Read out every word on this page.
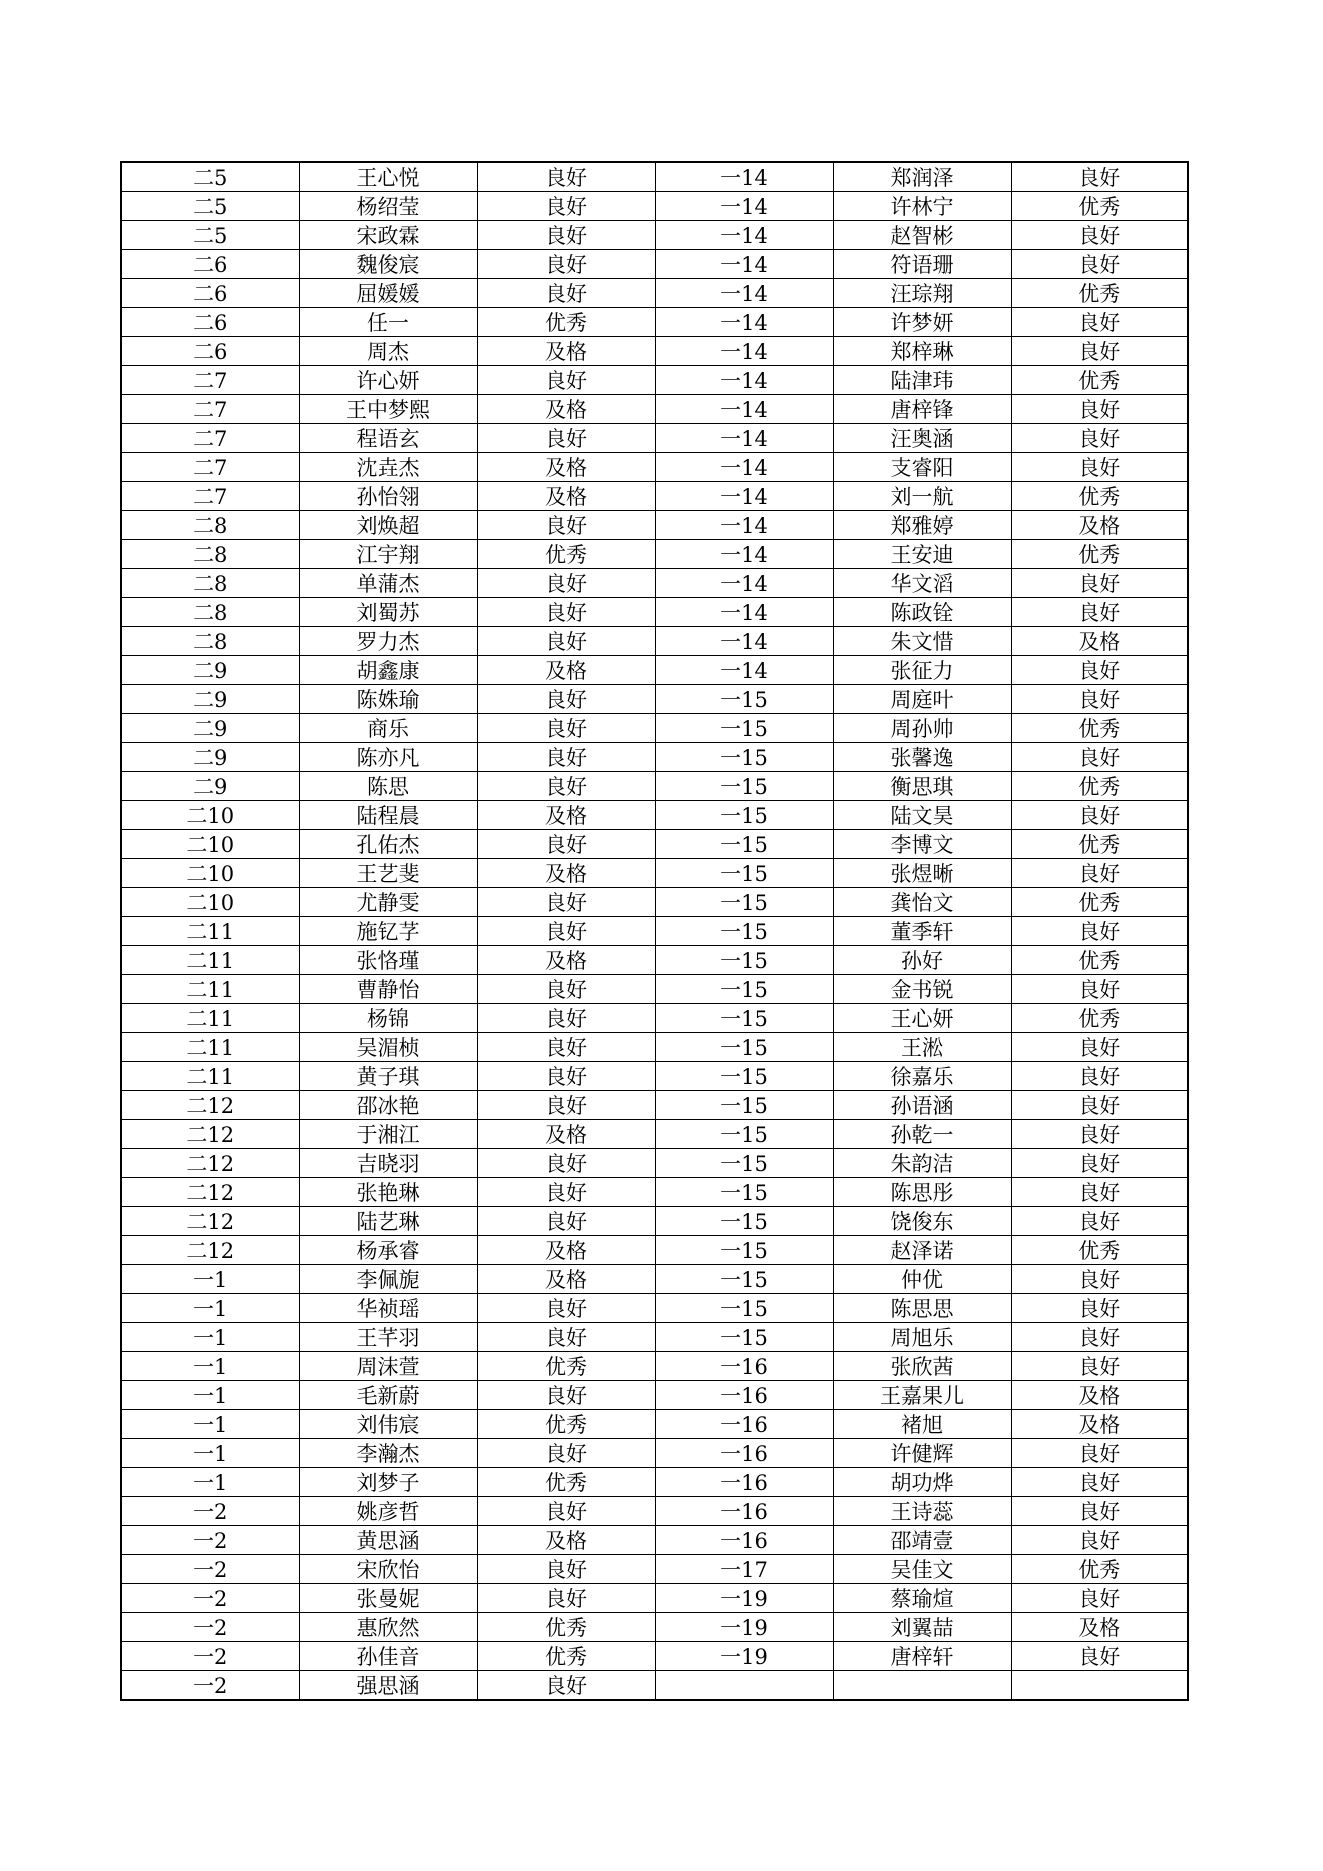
二5	王心悦	良好	一14	郑润泽	良好
二5	杨绍莹	良好	一14	许林宁	优秀
二5	宋政霖	良好	一14	赵智彬	良好
二6	魏俊宸	良好	一14	符语珊	良好
二6	屈媛媛	良好	一14	汪琮翔	优秀
二6	任一	优秀	一14	许梦妍	良好
二6	周杰	及格	一14	郑梓琳	良好
二7	许心妍	良好	一14	陆津玮	优秀
二7	王中梦熙	及格	一14	唐梓锋	良好
二7	程语玄	良好	一14	汪奥涵	良好
二7	沈垚杰	及格	一14	支睿阳	良好
二7	孙怡翎	及格	一14	刘一航	优秀
二8	刘焕超	良好	一14	郑雅婷	及格
二8	江宇翔	优秀	一14	王安迪	优秀
二8	单蒲杰	良好	一14	华文滔	良好
二8	刘蜀苏	良好	一14	陈政铨	良好
二8	罗力杰	良好	一14	朱文惜	及格
二9	胡鑫康	及格	一14	张征力	良好
二9	陈姝瑜	良好	一15	周庭叶	良好
二9	商乐	良好	一15	周孙帅	优秀
二9	陈亦凡	良好	一15	张馨逸	良好
二9	陈思	良好	一15	衡思琪	优秀
二10	陆程晨	及格	一15	陆文昊	良好
二10	孔佑杰	良好	一15	李博文	优秀
二10	王艺斐	及格	一15	张煜晰	良好
二10	尤静雯	良好	一15	龚怡文	优秀
二11	施钇芓	良好	一15	董季轩	良好
二11	张恪瑾	及格	一15	孙好	优秀
二11	曹静怡	良好	一15	金书锐	良好
二11	杨锦	良好	一15	王心妍	优秀
二11	吴湄桢	良好	一15	王淞	良好
二11	黄子琪	良好	一15	徐嘉乐	良好
二12	邵冰艳	良好	一15	孙语涵	良好
二12	于湘江	及格	一15	孙乾一	良好
二12	吉晓羽	良好	一15	朱韵洁	良好
二12	张艳琳	良好	一15	陈思彤	良好
二12	陆艺琳	良好	一15	饶俊东	良好
二12	杨承睿	及格	一15	赵泽诺	优秀
一1	李佩旎	及格	一15	仲优	良好
一1	华祯瑶	良好	一15	陈思思	良好
一1	王芊羽	良好	一15	周旭乐	良好
一1	周沫萱	优秀	一16	张欣茜	良好
一1	毛新蔚	良好	一16	王嘉果儿	及格
一1	刘伟宸	优秀	一16	褚旭	及格
一1	李瀚杰	良好	一16	许健辉	良好
一1	刘梦子	优秀	一16	胡功烨	良好
一2	姚彦哲	良好	一16	王诗蕊	良好
一2	黄思涵	及格	一16	邵靖壹	良好
一2	宋欣怡	良好	一17	吴佳文	优秀
一2	张曼妮	良好	一19	蔡瑜煊	良好
一2	惠欣然	优秀	一19	刘翼喆	及格
一2	孙佳音	优秀	一19	唐梓轩	良好
一2	强思涵	良好			
